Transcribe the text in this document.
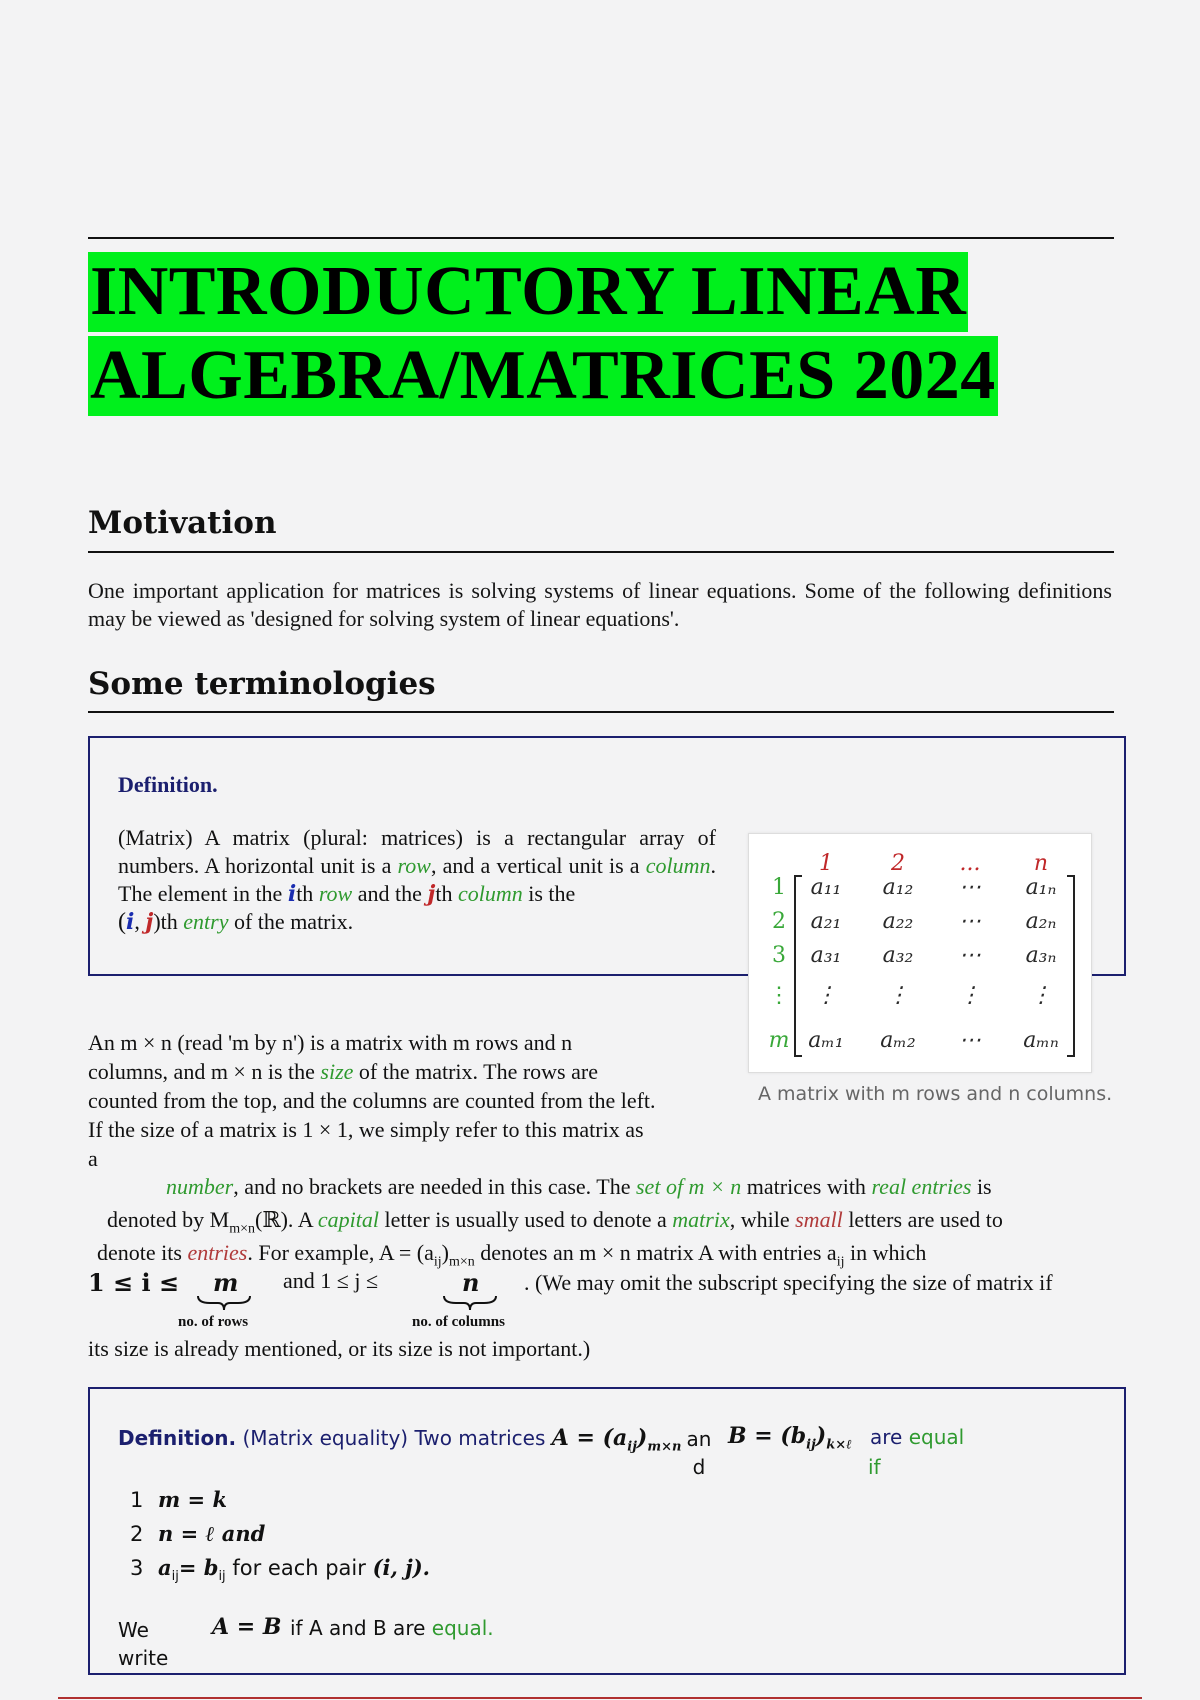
INTRODUCTORY LINEAR
ALGEBRA/MATRICES 2024
Motivation
One important application for matrices is solving systems of linear equations. Some of the following definitions may be viewed as 'designed for solving system of linear equations'.
Some terminologies
Definition.
(Matrix) A matrix (plural: matrices) is a rectangular array of numbers. A horizontal unit is a row, and a vertical unit is a column. The element in the ith row and the jth column is the
(i, j)th entry of the matrix.
1	2 ... n
1
2
3
⋮
m
a₁₁ a₁₂ ⋯ a₁ₙ
a₂₁ a₂₂ ⋯ a₂ₙ
a₃₁ a₃₂ ⋯ a₃ₙ
⋮ ⋮ ⋮ ⋮
aₘ₁ aₘ₂ ⋯ aₘₙ
A matrix with m rows and n columns.
An m × n (read 'm by n') is a matrix with m rows and n
columns, and m × n is the size of the matrix. The rows are
counted from the top, and the columns are counted from the left.
If the size of a matrix is 1 × 1, we simply refer to this matrix as
a
number, and no brackets are needed in this case. The set of m × n matrices with real entries is
denoted by $M_{m\times n}(ℝ)$. A capital letter is usually used to denote a matrix, while small letters are used to
denote its entries. For example, $A = (a_{ij})_{m\times n}$ denotes an m × n matrix A with entries $a_{ij}$ in which
1 ≤ i ≤ m
no. of rows
and 1 ≤ j ≤	n
no. of columns
. (We may omit the subscript specifying the size of matrix if
its size is already mentioned, or its size is not important.)
Definition. (Matrix equality) Two matrices $A = (a_{ij})_{m\times n}$ an d
$B = (b_{ij})_{k\times\ell}$ are equal
if
1 m = k
2 n = ℓ and
3 $a_{ij}= b_{ij}$ for each pair (i, j).
We write
A = B if A and B are equal.
